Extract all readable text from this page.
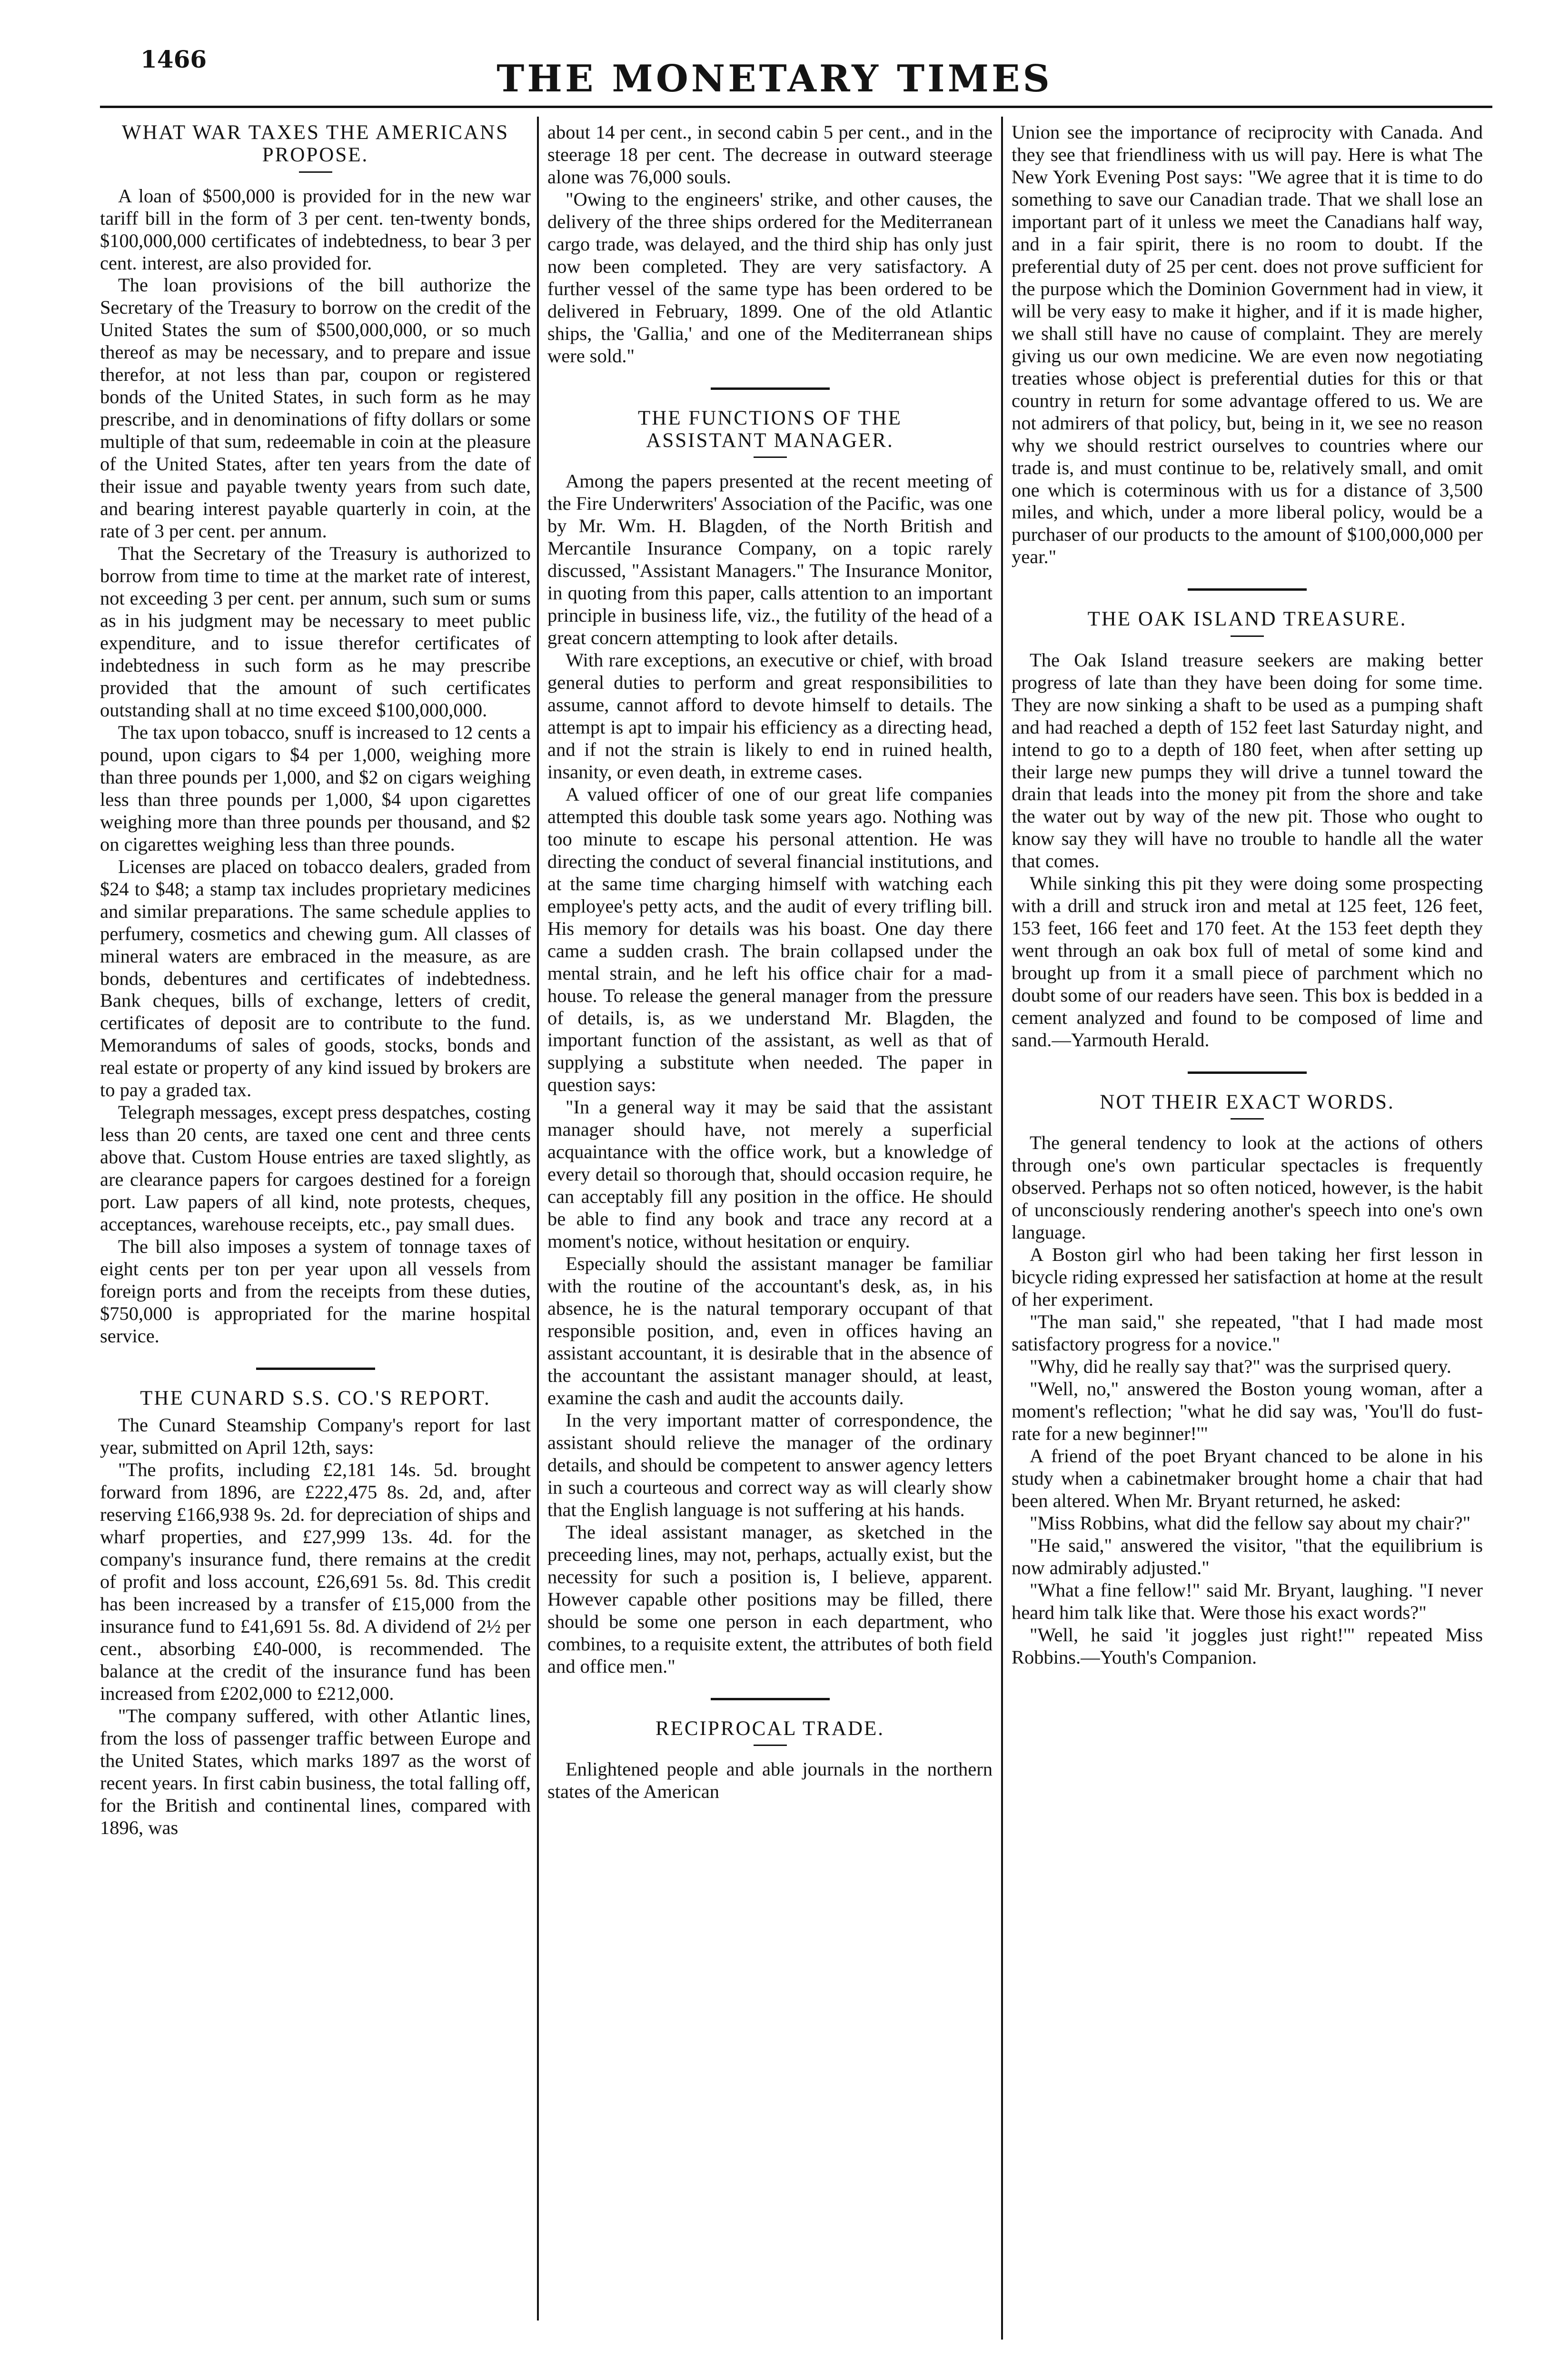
1466	THE MONETARY TIMES
WHAT WAR TAXES THE AMERICANS PROPOSE.

A loan of $500,000 is provided for in the new war tariff bill in the form of 3 per cent. ten-twenty bonds, $100,000,000 certificates of indebtedness, to bear 3 per cent. interest, are also provided for.

The loan provisions of the bill authorize the Secretary of the Treasury to borrow on the credit of the United States the sum of $500,000,000, or so much thereof as may be necessary, and to prepare and issue therefor, at not less than par, coupon or registered bonds of the United States, in such form as he may prescribe, and in denominations of fifty dollars or some multiple of that sum, redeemable in coin at the pleasure of the United States, after ten years from the date of their issue and payable twenty years from such date, and bearing interest payable quarterly in coin, at the rate of 3 per cent. per annum.

That the Secretary of the Treasury is authorized to borrow from time to time at the market rate of interest, not exceeding 3 per cent. per annum, such sum or sums as in his judgment may be necessary to meet public expenditure, and to issue therefor certificates of indebtedness in such form as he may prescribe provided that the amount of such certificates outstanding shall at no time exceed $100,000,000.

The tax upon tobacco, snuff is increased to 12 cents a pound, upon cigars to $4 per 1,000, weighing more than three pounds per 1,000, and $2 on cigars weighing less than three pounds per 1,000, $4 upon cigarettes weighing more than three pounds per thousand, and $2 on cigarettes weighing less than three pounds.

Licenses are placed on tobacco dealers, graded from $24 to $48; a stamp tax includes proprietary medicines and similar preparations. The same schedule applies to perfumery, cosmetics and chewing gum. All classes of mineral waters are embraced in the measure, as are bonds, debentures and certificates of indebtedness. Bank cheques, bills of exchange, letters of credit, certificates of deposit are to contribute to the fund. Memorandums of sales of goods, stocks, bonds and real estate or property of any kind issued by brokers are to pay a graded tax.

Telegraph messages, except press despatches, costing less than 20 cents, are taxed one cent and three cents above that. Custom House entries are taxed slightly, as are clearance papers for cargoes destined for a foreign port. Law papers of all kind, note protests, cheques, acceptances, warehouse receipts, etc., pay small dues.

The bill also imposes a system of tonnage taxes of eight cents per ton per year upon all vessels from foreign ports and from the receipts from these duties, $750,000 is appropriated for the marine hospital service.

THE CUNARD S.S. CO.'S REPORT.

The Cunard Steamship Company's report for last year, submitted on April 12th, says:

"The profits, including £2,181 14s. 5d. brought forward from 1896, are £222,475 8s. 2d, and, after reserving £166,938 9s. 2d. for depreciation of ships and wharf properties, and £27,999 13s. 4d. for the company's insurance fund, there remains at the credit of profit and loss account, £26,691 5s. 8d. This credit has been increased by a transfer of £15,000 from the insurance fund to £41,691 5s. 8d. A dividend of 2½ per cent., absorbing £40-000, is recommended. The balance at the credit of the insurance fund has been increased from £202,000 to £212,000.

"The company suffered, with other Atlantic lines, from the loss of passenger traffic between Europe and the United States, which marks 1897 as the worst of recent years. In first cabin business, the total falling off, for the British and continental lines, compared with 1896, was

about 14 per cent., in second cabin 5 per cent., and in the steerage 18 per cent. The decrease in outward steerage alone was 76,000 souls.

"Owing to the engineers' strike, and other causes, the delivery of the three ships ordered for the Mediterranean cargo trade, was delayed, and the third ship has only just now been completed. They are very satisfactory. A further vessel of the same type has been ordered to be delivered in February, 1899. One of the old Atlantic ships, the 'Gallia,' and one of the Mediterranean ships were sold."

THE FUNCTIONS OF THE ASSISTANT MANAGER.

Among the papers presented at the recent meeting of the Fire Underwriters' Association of the Pacific, was one by Mr. Wm. H. Blagden, of the North British and Mercantile Insurance Company, on a topic rarely discussed, "Assistant Managers." The Insurance Monitor, in quoting from this paper, calls attention to an important principle in business life, viz., the futility of the head of a great concern attempting to look after details.

With rare exceptions, an executive or chief, with broad general duties to perform and great responsibilities to assume, cannot afford to devote himself to details. The attempt is apt to impair his efficiency as a directing head, and if not the strain is likely to end in ruined health, insanity, or even death, in extreme cases.

A valued officer of one of our great life companies attempted this double task some years ago. Nothing was too minute to escape his personal attention. He was directing the conduct of several financial institutions, and at the same time charging himself with watching each employee's petty acts, and the audit of every trifling bill. His memory for details was his boast. One day there came a sudden crash. The brain collapsed under the mental strain, and he left his office chair for a mad-house. To release the general manager from the pressure of details, is, as we understand Mr. Blagden, the important function of the assistant, as well as that of supplying a substitute when needed. The paper in question says:

"In a general way it may be said that the assistant manager should have, not merely a superficial acquaintance with the office work, but a knowledge of every detail so thorough that, should occasion require, he can acceptably fill any position in the office. He should be able to find any book and trace any record at a moment's notice, without hesitation or enquiry.

Especially should the assistant manager be familiar with the routine of the accountant's desk, as, in his absence, he is the natural temporary occupant of that responsible position, and, even in offices having an assistant accountant, it is desirable that in the absence of the accountant the assistant manager should, at least, examine the cash and audit the accounts daily.

In the very important matter of correspondence, the assistant should relieve the manager of the ordinary details, and should be competent to answer agency letters in such a courteous and correct way as will clearly show that the English language is not suffering at his hands.

The ideal assistant manager, as sketched in the preceeding lines, may not, perhaps, actually exist, but the necessity for such a position is, I believe, apparent. However capable other positions may be filled, there should be some one person in each department, who combines, to a requisite extent, the attributes of both field and office men."

RECIPROCAL TRADE.

Enlightened people and able journals in the northern states of the American

Union see the importance of reciprocity with Canada. And they see that friendliness with us will pay. Here is what The New York Evening Post says: "We agree that it is time to do something to save our Canadian trade. That we shall lose an important part of it unless we meet the Canadians half way, and in a fair spirit, there is no room to doubt. If the preferential duty of 25 per cent. does not prove sufficient for the purpose which the Dominion Government had in view, it will be very easy to make it higher, and if it is made higher, we shall still have no cause of complaint. They are merely giving us our own medicine. We are even now negotiating treaties whose object is preferential duties for this or that country in return for some advantage offered to us. We are not admirers of that policy, but, being in it, we see no reason why we should restrict ourselves to countries where our trade is, and must continue to be, relatively small, and omit one which is coterminous with us for a distance of 3,500 miles, and which, under a more liberal policy, would be a purchaser of our products to the amount of $100,000,000 per year."

THE OAK ISLAND TREASURE.

The Oak Island treasure seekers are making better progress of late than they have been doing for some time. They are now sinking a shaft to be used as a pumping shaft and had reached a depth of 152 feet last Saturday night, and intend to go to a depth of 180 feet, when after setting up their large new pumps they will drive a tunnel toward the drain that leads into the money pit from the shore and take the water out by way of the new pit. Those who ought to know say they will have no trouble to handle all the water that comes.

While sinking this pit they were doing some prospecting with a drill and struck iron and metal at 125 feet, 126 feet, 153 feet, 166 feet and 170 feet. At the 153 feet depth they went through an oak box full of metal of some kind and brought up from it a small piece of parchment which no doubt some of our readers have seen. This box is bedded in a cement analyzed and found to be composed of lime and sand.—Yarmouth Herald.

NOT THEIR EXACT WORDS.

The general tendency to look at the actions of others through one's own particular spectacles is frequently observed. Perhaps not so often noticed, however, is the habit of unconsciously rendering another's speech into one's own language.

A Boston girl who had been taking her first lesson in bicycle riding expressed her satisfaction at home at the result of her experiment.

"The man said," she repeated, "that I had made most satisfactory progress for a novice."

"Why, did he really say that?" was the surprised query.

"Well, no," answered the Boston young woman, after a moment's reflection; "what he did say was, 'You'll do fust-rate for a new beginner!'"

A friend of the poet Bryant chanced to be alone in his study when a cabinetmaker brought home a chair that had been altered. When Mr. Bryant returned, he asked:

"Miss Robbins, what did the fellow say about my chair?"

"He said," answered the visitor, "that the equilibrium is now admirably adjusted."

"What a fine fellow!" said Mr. Bryant, laughing. "I never heard him talk like that. Were those his exact words?"

"Well, he said 'it joggles just right!'" repeated Miss Robbins.—Youth's Companion.
